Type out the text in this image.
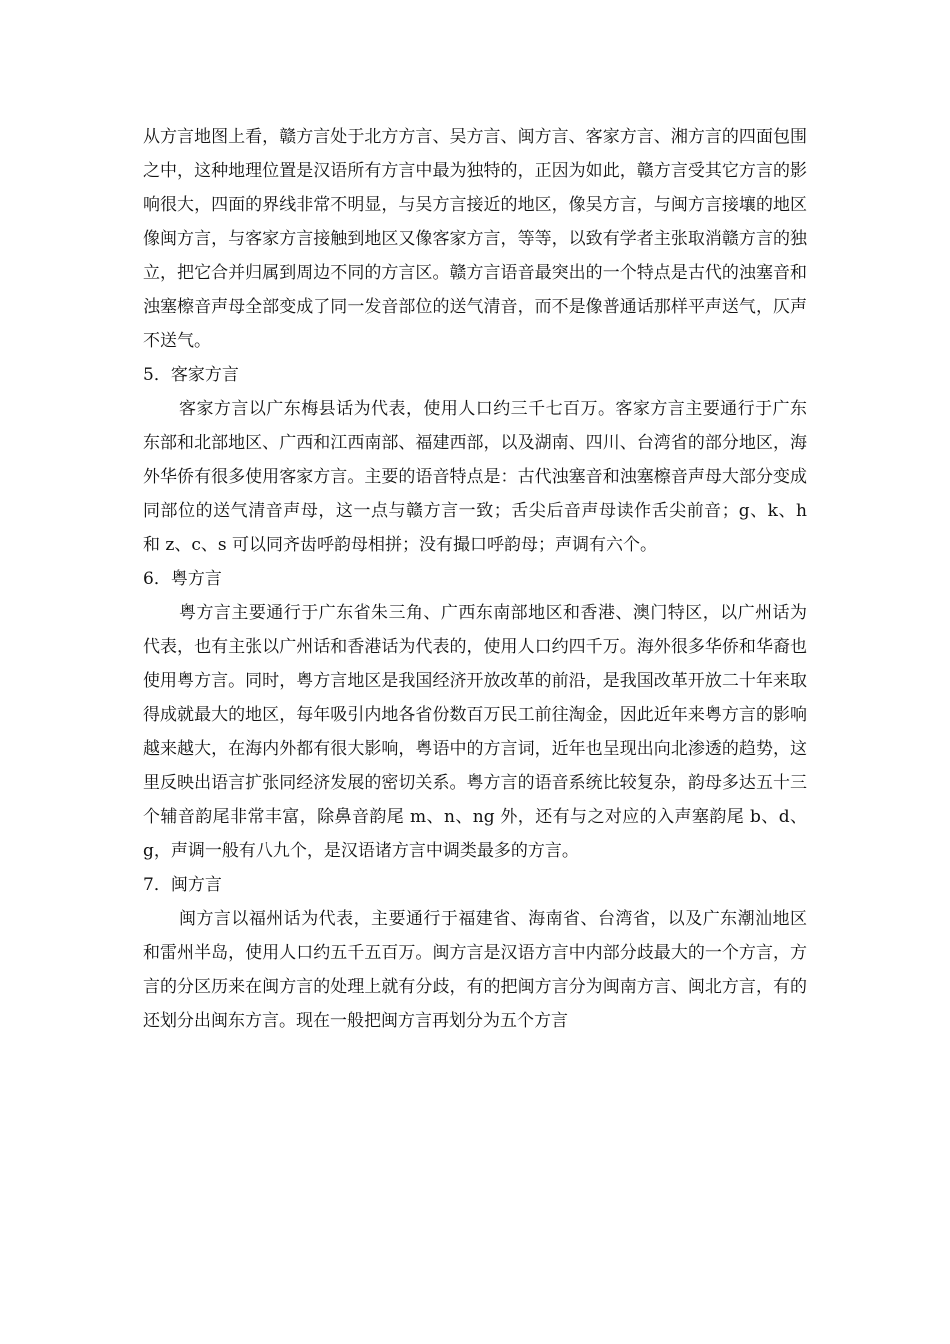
从方言地图上看，赣方言处于北方方言、吴方言、闽方言、客家方言、湘方言的四面包围之中，这种地理位置是汉语所有方言中最为独特的，正因为如此，赣方言受其它方言的影响很大，四面的界线非常不明显，与吴方言接近的地区，像吴方言，与闽方言接壤的地区像闽方言，与客家方言接触到地区又像客家方言，等等，以致有学者主张取消赣方言的独立，把它合并归属到周边不同的方言区。赣方言语音最突出的一个特点是古代的浊塞音和浊塞檫音声母全部变成了同一发音部位的送气清音，而不是像普通话那样平声送气，仄声不送气。

5．客家方言

客家方言以广东梅县话为代表，使用人口约三千七百万。客家方言主要通行于广东东部和北部地区、广西和江西南部、福建西部，以及湖南、四川、台湾省的部分地区，海外华侨有很多使用客家方言。主要的语音特点是：古代浊塞音和浊塞檫音声母大部分变成同部位的送气清音声母，这一点与赣方言一致；舌尖后音声母读作舌尖前音；g、k、h 和 z、c、s 可以同齐齿呼韵母相拼；没有撮口呼韵母；声调有六个。

6．粤方言

粤方言主要通行于广东省朱三角、广西东南部地区和香港、澳门特区，以广州话为代表，也有主张以广州话和香港话为代表的，使用人口约四千万。海外很多华侨和华裔也使用粤方言。同时，粤方言地区是我国经济开放改革的前沿，是我国改革开放二十年来取得成就最大的地区，每年吸引内地各省份数百万民工前往淘金，因此近年来粤方言的影响越来越大，在海内外都有很大影响，粤语中的方言词，近年也呈现出向北渗透的趋势，这里反映出语言扩张同经济发展的密切关系。粤方言的语音系统比较复杂，韵母多达五十三个辅音韵尾非常丰富，除鼻音韵尾 m、n、ng 外，还有与之对应的入声塞韵尾 b、d、g，声调一般有八九个，是汉语诸方言中调类最多的方言。

7．闽方言

闽方言以福州话为代表，主要通行于福建省、海南省、台湾省，以及广东潮汕地区和雷州半岛，使用人口约五千五百万。闽方言是汉语方言中内部分歧最大的一个方言，方言的分区历来在闽方言的处理上就有分歧，有的把闽方言分为闽南方言、闽北方言，有的还划分出闽东方言。现在一般把闽方言再划分为五个方言
